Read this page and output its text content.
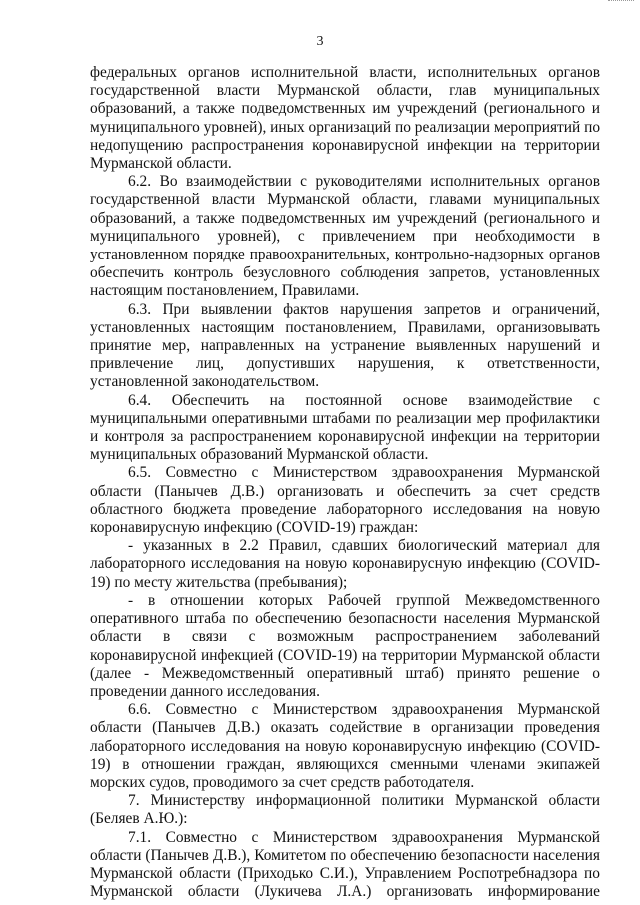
3
федеральных органов исполнительной власти, исполнительных органов
государственной власти Мурманской области, глав муниципальных
образований, а также подведомственных им учреждений (регионального и
муниципального уровней), иных организаций по реализации мероприятий по
недопущению распространения коронавирусной инфекции на территории
Мурманской области.
6.2. Во взаимодействии с руководителями исполнительных органов
государственной власти Мурманской области, главами муниципальных
образований, а также подведомственных им учреждений (регионального и
муниципального уровней), с привлечением при необходимости в
установленном порядке правоохранительных, контрольно-надзорных органов
обеспечить контроль безусловного соблюдения запретов, установленных
настоящим постановлением, Правилами.
6.3. При выявлении фактов нарушения запретов и ограничений,
установленных настоящим постановлением, Правилами, организовывать
принятие мер, направленных на устранение выявленных нарушений и
привлечение лиц, допустивших нарушения, к ответственности,
установленной законодательством.
6.4. Обеспечить на постоянной основе взаимодействие с
муниципальными оперативными штабами по реализации мер профилактики
и контроля за распространением коронавирусной инфекции на территории
муниципальных образований Мурманской области.
6.5. Совместно с Министерством здравоохранения Мурманской
области (Панычев Д.В.) организовать и обеспечить за счет средств
областного бюджета проведение лабораторного исследования на новую
коронавирусную инфекцию (COVID-19) граждан:
- указанных в 2.2 Правил, сдавших биологический материал для
лабораторного исследования на новую коронавирусную инфекцию (COVID-
19) по месту жительства (пребывания);
- в отношении которых Рабочей группой Межведомственного
оперативного штаба по обеспечению безопасности населения Мурманской
области в связи с возможным распространением заболеваний
коронавирусной инфекцией (COVID-19) на территории Мурманской области
(далее - Межведомственный оперативный штаб) принято решение о
проведении данного исследования.
6.6. Совместно с Министерством здравоохранения Мурманской
области (Панычев Д.В.) оказать содействие в организации проведения
лабораторного исследования на новую коронавирусную инфекцию (COVID-
19) в отношении граждан, являющихся сменными членами экипажей
морских судов, проводимого за счет средств работодателя.
7. Министерству информационной политики Мурманской области
(Беляев А.Ю.):
7.1. Совместно с Министерством здравоохранения Мурманской
области (Панычев Д.В.), Комитетом по обеспечению безопасности населения
Мурманской области (Приходько С.И.), Управлением Роспотребнадзора по
Мурманской области (Лукичева Л.А.) организовать информирование
